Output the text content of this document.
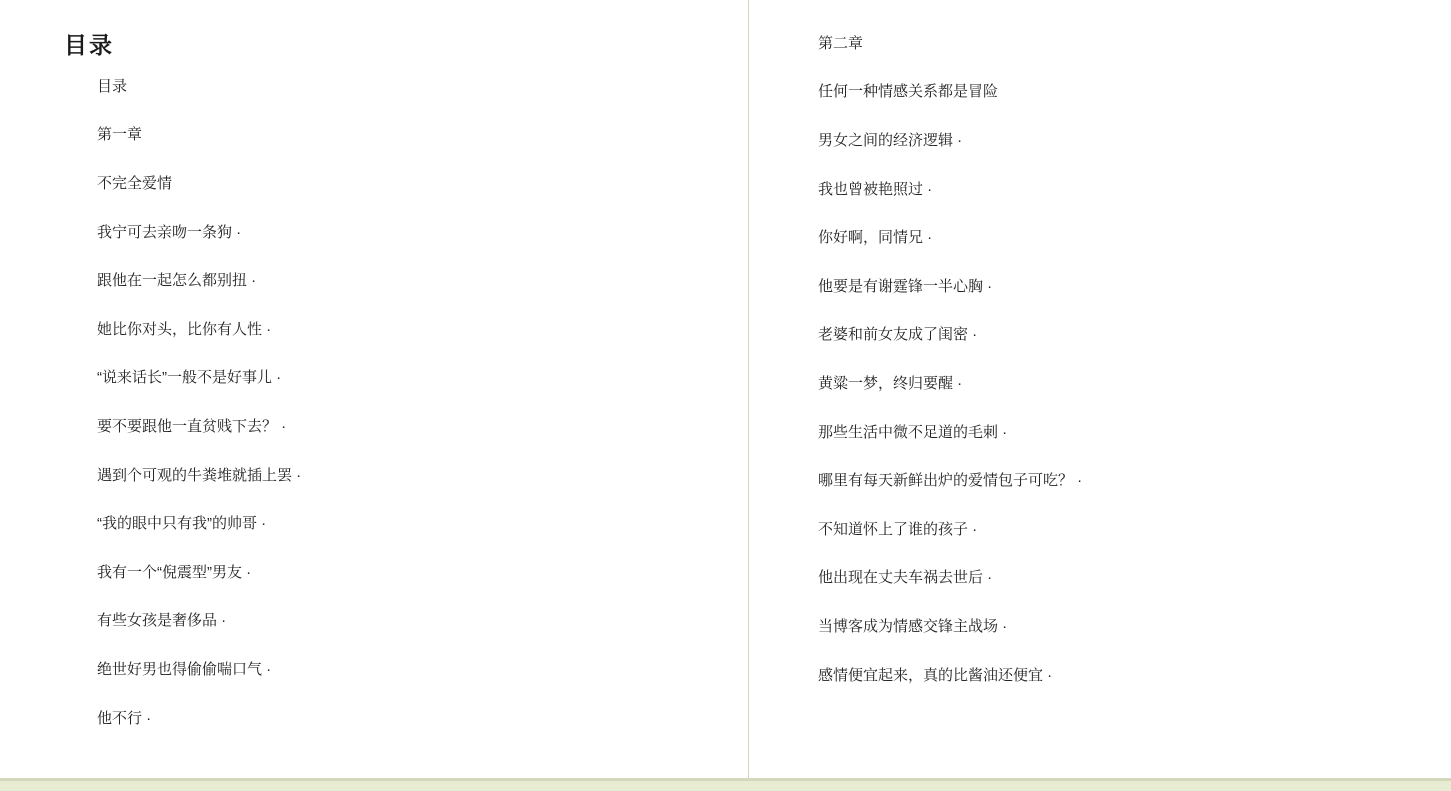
目录
目录
第一章
不完全爱情
我宁可去亲吻一条狗 ·
跟他在一起怎么都别扭 ·
她比你对头，比你有人性 ·
“说来话长”一般不是好事儿 ·
要不要跟他一直贫贱下去？ ·
遇到个可观的牛粪堆就插上罢 ·
“我的眼中只有我”的帅哥 ·
我有一个“倪震型”男友 ·
有些女孩是奢侈品 ·
绝世好男也得偷偷喘口气 ·
他不行 ·
第二章
任何一种情感关系都是冒险
男女之间的经济逻辑 ·
我也曾被艳照过 ·
你好啊，同情兄 ·
他要是有谢霆锋一半心胸 ·
老婆和前女友成了闺密 ·
黄粱一梦，终归要醒 ·
那些生活中微不足道的毛刺 ·
哪里有每天新鲜出炉的爱情包子可吃？ ·
不知道怀上了谁的孩子 ·
他出现在丈夫车祸去世后 ·
当博客成为情感交锋主战场 ·
感情便宜起来，真的比酱油还便宜 ·
